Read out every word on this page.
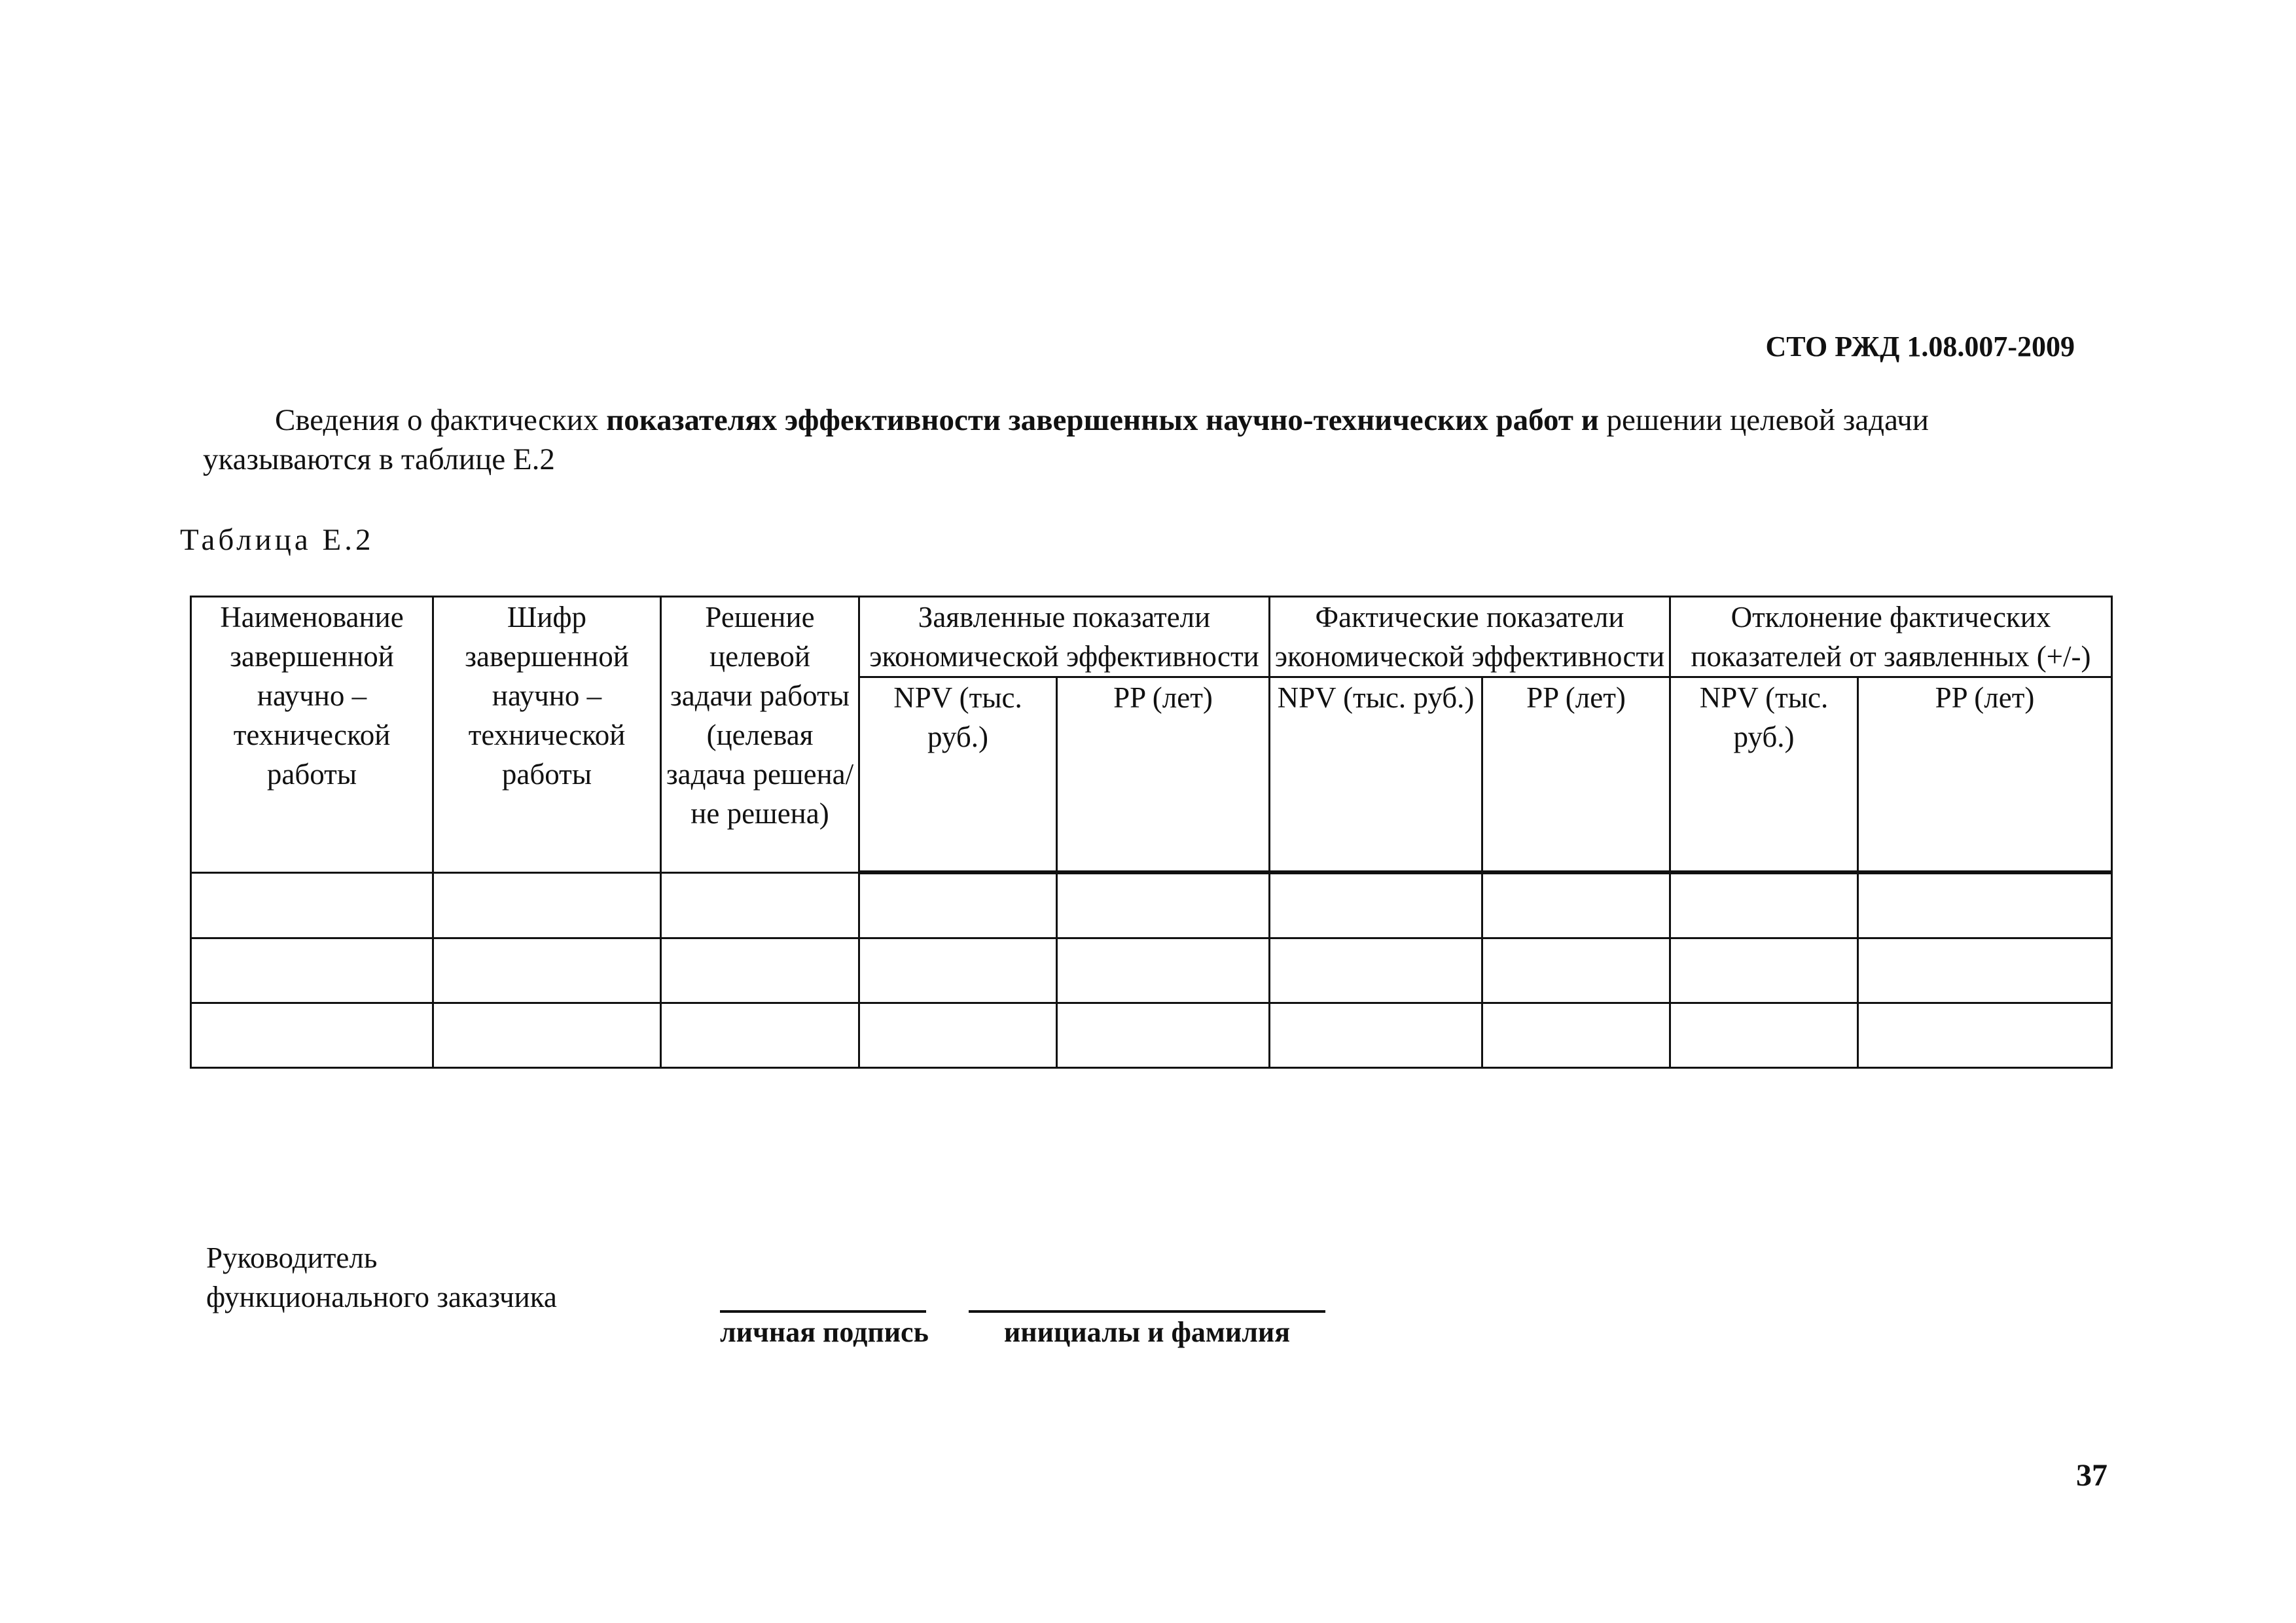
СТО РЖД 1.08.007-2009
Сведения о фактических показателях эффективности завершенных научно-технических работ и решении целевой задачи
указываются в таблице Е.2
Таблица Е.2
Наименование завершенной научно – технической работы	Шифр завершенной научно – технической работы	Решение целевой задачи работы (целевая задача решена/ не решена)	Заявленные показатели экономической эффективности		Фактические показатели экономической эффективности		Отклонение фактических показателей от заявленных (+/-)	
			NPV (тыс. руб.)	PP (лет)	NPV (тыс. руб.)	PP (лет)	NPV (тыс. руб.)	PP (лет)

Руководитель
функционального заказчика
личная подпись	инициалы и фамилия
37
